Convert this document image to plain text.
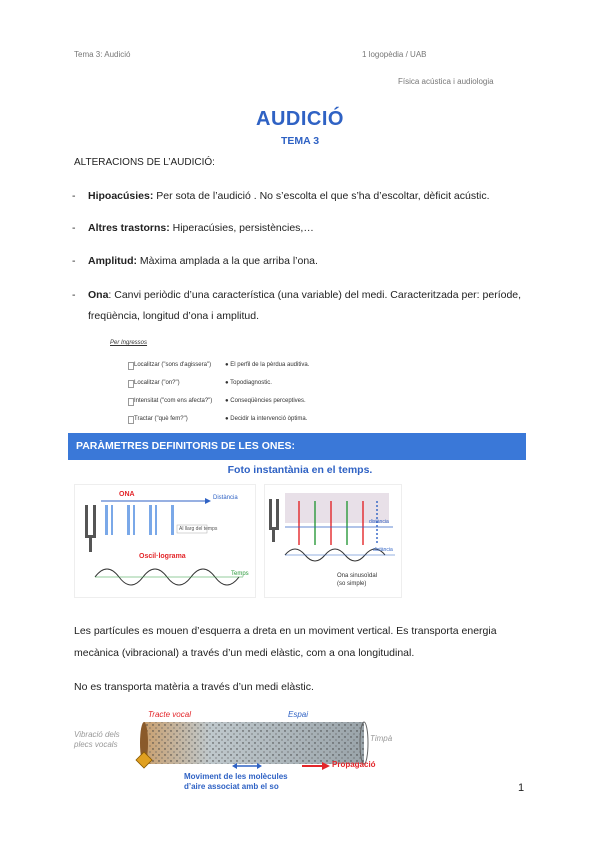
Tema 3: Audició	1 logopèdia / UAB
Física acústica i audiologia
AUDICIÓ
TEMA 3
ALTERACIONS DE L’AUDICIÓ:
- Hipoacúsies: Per sota de l’audició . No s’escolta el que s’ha d’escoltar, dèficit acústic.
- Altres trastorns: Hiperacúsies, persistències,…
- Amplitud: Màxima amplada a la que arriba l’ona.
- Ona: Canvi periòdic d’una característica (una variable) del medi. Caracteritzada per: període, freqüència, longitud d’ona i amplitud.
Per Ingressos
Localitzar ("sons d'agissera") ● El perfil de la pèrdua auditiva.
Localitzar ("on?")	● Topodiagnostic.
Intensitat ("com ens afecta?") ● Conseqüències perceptives.
Tractar ("què fem?")	● Decidir la intervenció òptima.
PARÀMETRES DEFINITORIS DE LES ONES:
Foto instantània en el temps.
ONA	Distància
Al llarg del temps
Oscil·lograma
Temps
distància
distància
Ona sinusoïdal
(so simple)
Les partícules es mouen d’esquerra a dreta en un moviment vertical. Es transporta energia mecànica (vibracional) a través d’un medi elàstic, com a ona longitudinal.
No es transporta matèria a través d’un medi elàstic.
Vibració dels
plecs vocals
Tracte vocal	Espai
Timpà
Propagació
Moviment de les molècules
d’aire associat amb el so	1
